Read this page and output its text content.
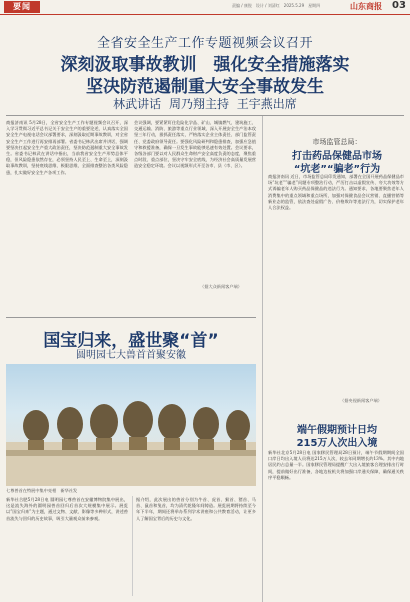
要闻	责编 / 康锐　设计 / 刘清红　2025.5.29　星期四	山东商报 03
全省安全生产工作专题视频会议召开
深刻汲取事故教训　强化安全措施落实
坚决防范遏制重大安全事故发生
林武讲话 周乃翔主持 王宇燕出席
商报济南讯 5月28日，全省安全生产工作专题视频会议召开，深入学习贯彻习近平总书记关于安全生产的重要论述，认真落实全国安全生产电视电话会议部署要求，深刻汲取近期事故教训，对全省安全生产工作进行再安排再部署。省委书记林武出席并讲话，强调要坚决扛起安全生产重大政治责任，坚决防范遏制重大安全事故发生。省委书记林武在讲话中指出，当前我省安全生产形势总体平稳，但风险隐患依然存在，必须坚持人民至上、生命至上，深刻汲取事故教训，坚持底线思维、极限思维，全面排查整治各类风险隐患，扎实做好安全生产各项工作。
会议强调，要紧紧盯住危险化学品、矿山、城镇燃气、建筑施工、交通运输、消防、旅游等重点行业领域，深入开展安全生产治本攻坚三年行动，狠抓责任落实，严格落实企业主体责任、部门监管责任、党委政府领导责任。要强化风险研判和隐患排查，加强应急值守和救援准备，确保一旦发生事故能够迅速有效处置。会议要求，各级各部门要以对人民群众生命财产安全高度负责的态度，聚焦重点时段、重点部位，坚决守牢安全底线，为经济社会高质量发展营造安全稳定环境。会议以视频形式开至各市、县（市、区）。
（据大众新闻客户端）
市场监管总局：
打击药品保健品市场
“坑老”“骗老”行为
商报济南讯 近日，市场监管总局印发通知，部署在全国开展药品保健品市场“坑老”“骗老”问题专项整治行动，严厉打击以虚假宣传、夸大功效等方式诱骗老年人购买药品保健品的违法行为。通知要求，各地要聚焦老年人消费集中的重点领域和重点场所，加强对保健食品会议营销、直播营销等新业态的监管，依法查处虚假广告、价格欺诈等违法行为，切实保护老年人合法权益。
（据央视新闻客户端）
端午假期预计日均
215万人次出入境
新华社北京5月28日电 国家移民管理局28日预计，端午节假期期间全国口岸日均出入境人员将达215万人次，较去年同期增长约13%。其中内地居民约占总量一半。国家移民管理局提醒广大出入境旅客合理安排出行时间，提前做好出行准备，各地边检机关将加强口岸通关保障，确保通关秩序平稳顺畅。
国宝归来，盛世聚“首”
圆明园七大兽首首聚安徽
七尊兽首在特展中集中亮相　新华社发
新华社合肥5月28日电 圆明园七尊兽首在安徽博物院集中展出，这是流失海外的圆明园兽首回归后首次大规模集中展示。展览以“国宝归来”为主题，通过文物、文献、影像等多种形式，讲述兽首流失与回归的历史故事，吸引大量观众前来参观。
据介绍，此次展出的兽首分别为牛首、虎首、猴首、猪首、马首、鼠首和兔首，均为清代乾隆年间铸造。展览展期将持续至今年下半年，期间还将举办系列学术讲座和公共教育活动，让更多人了解国宝背后的历史与文化。
